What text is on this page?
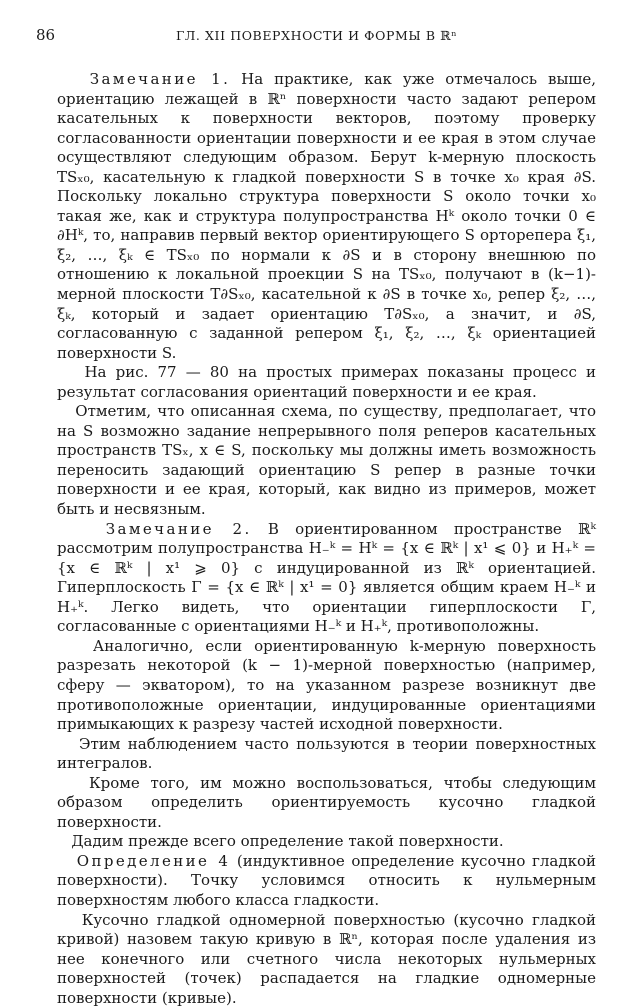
86	ГЛ. XII ПОВЕРХНОСТИ И ФОРМЫ В ℝⁿ

Замечание 1. На практике, как уже отмечалось выше, ориентацию лежащей в ℝⁿ поверхности часто задают репером касательных к поверхности векторов, поэтому проверку согласованности ориентации поверхности и ее края в этом случае осуществляют следующим образом. Берут k-мерную плоскость TSₓ₀, касательную к гладкой поверхности S в точке x₀ края ∂S. Поскольку локально структура поверхности S около точки x₀ такая же, как и структура полупространства Hᵏ около точки 0 ∈ ∂Hᵏ, то, направив первый вектор ориентирующего S орторепера ξ₁, ξ₂, …, ξₖ ∈ TSₓ₀ по нормали к ∂S и в сторону внешнюю по отношению к локальной проекции S на TSₓ₀, получают в (k−1)-мерной плоскости T∂Sₓ₀, касательной к ∂S в точке x₀, репер ξ₂, …, ξₖ, который и задает ориентацию T∂Sₓ₀, а значит, и ∂S, согласованную с заданной репером ξ₁, ξ₂, …, ξₖ ориентацией поверхности S.

На рис. 77 — 80 на простых примерах показаны процесс и результат согласования ориентаций поверхности и ее края.

Отметим, что описанная схема, по существу, предполагает, что на S возможно задание непрерывного поля реперов касательных пространств TSₓ, x ∈ S, поскольку мы должны иметь возможность переносить задающий ориентацию S репер в разные точки поверхности и ее края, который, как видно из примеров, может быть и несвязным.

Замечание 2. В ориентированном пространстве ℝᵏ рассмотрим полупространства H₋ᵏ = Hᵏ = {x ∈ ℝᵏ | x¹ ⩽ 0} и H₊ᵏ = {x ∈ ℝᵏ | x¹ ⩾ 0} с индуцированной из ℝᵏ ориентацией. Гиперплоскость Γ = {x ∈ ℝᵏ | x¹ = 0} является общим краем H₋ᵏ и H₊ᵏ. Легко видеть, что ориентации гиперплоскости Γ, согласованные с ориентациями H₋ᵏ и H₊ᵏ, противоположны.

Аналогично, если ориентированную k-мерную поверхность разрезать некоторой (k − 1)-мерной поверхностью (например, сферу — экватором), то на указанном разрезе возникнут две противоположные ориентации, индуцированные ориентациями примыкающих к разрезу частей исходной поверхности.

Этим наблюдением часто пользуются в теории поверхностных интегралов.

Кроме того, им можно воспользоваться, чтобы следующим образом определить ориентируемость кусочно гладкой поверхности.

Дадим прежде всего определение такой поверхности.

Определение 4 (индуктивное определение кусочно гладкой поверхности). Точку условимся относить к нульмерным поверхностям любого класса гладкости.

Кусочно гладкой одномерной поверхностью (кусочно гладкой кривой) назовем такую кривую в ℝⁿ, которая после удаления из нее конечного или счетного числа некоторых нульмерных поверхностей (точек) распадается на гладкие одномерные поверхности (кривые).
